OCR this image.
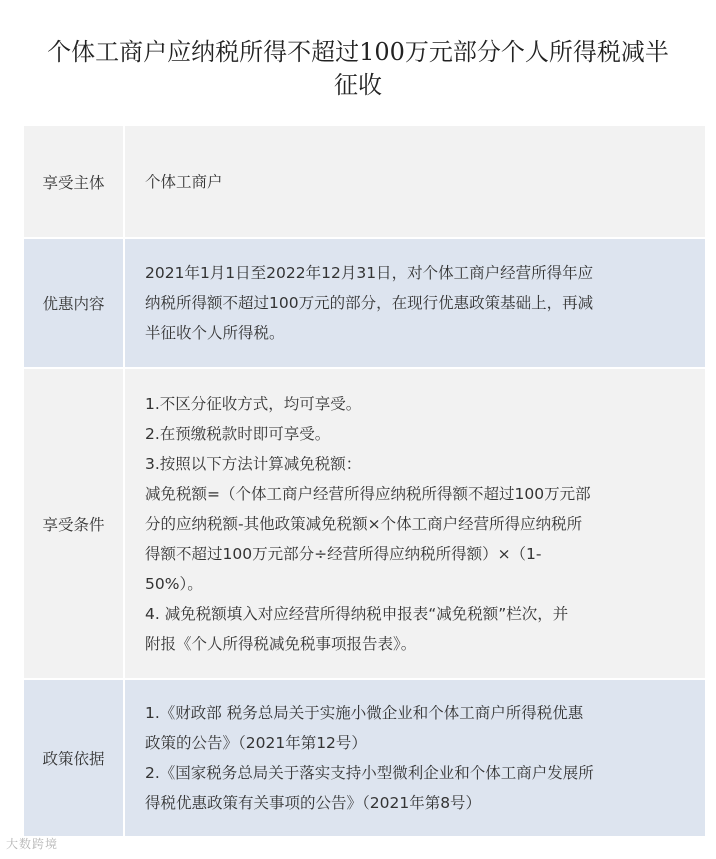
个体工商户应纳税所得不超过100万元部分个人所得税减半
征收
享受主体	个体工商户
优惠内容
2021年1月1日至2022年12月31日，对个体工商户经营所得年应
纳税所得额不超过100万元的部分，在现行优惠政策基础上，再减
半征收个人所得税。
享受条件
1.不区分征收方式，均可享受。
2.在预缴税款时即可享受。
3.按照以下方法计算减免税额：
减免税额=（个体工商户经营所得应纳税所得额不超过100万元部
分的应纳税额-其他政策减免税额×个体工商户经营所得应纳税所
得额不超过100万元部分÷经营所得应纳税所得额）×（1-
50%）。
4. 减免税额填入对应经营所得纳税申报表“减免税额”栏次，并
附报《个人所得税减免税事项报告表》。
政策依据
1.《财政部 税务总局关于实施小微企业和个体工商户所得税优惠
政策的公告》（2021年第12号）
2.《国家税务总局关于落实支持小型微利企业和个体工商户发展所
得税优惠政策有关事项的公告》（2021年第8号）
大数跨境
